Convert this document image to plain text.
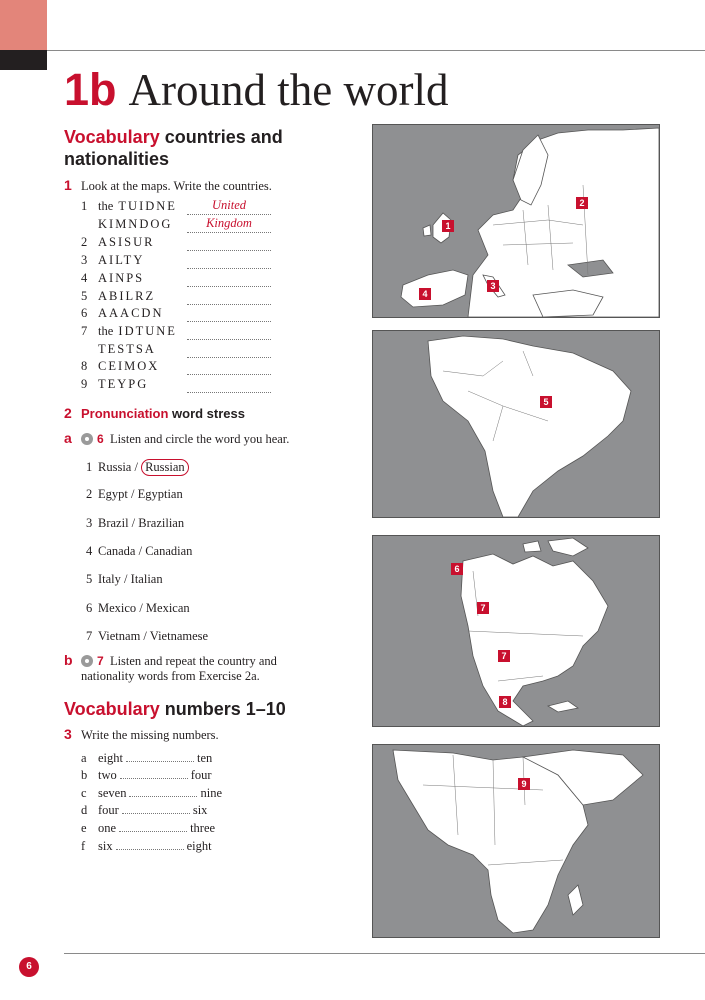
1b Around the world
Vocabulary countries and nationalities
1 Look at the maps. Write the countries.
1 the TUIDNE	United
KIMNDOG	Kingdom
2 ASISUR
3 AILTY
4 AINPS
5 ABILRZ
6 AAACDN
7 the IDTUNE
TESTSA
8 CEIMOX
9 TEYPG
2 Pronunciation word stress
a 6 Listen and circle the word you hear.
1 Russia / Russian
2 Egypt / Egyptian
3 Brazil / Brazilian
4 Canada / Canadian
5 Italy / Italian
6 Mexico / Mexican
7 Vietnam / Vietnamese
b 7 Listen and repeat the country and
nationality words from Exercise 2a.
Vocabulary numbers 1–10
3 Write the missing numbers.
a eight	ten
b two	four
c seven	nine
d four	six
e one	three
f six	eight
1
2
3
4
5
6
7
7
8
9
6
